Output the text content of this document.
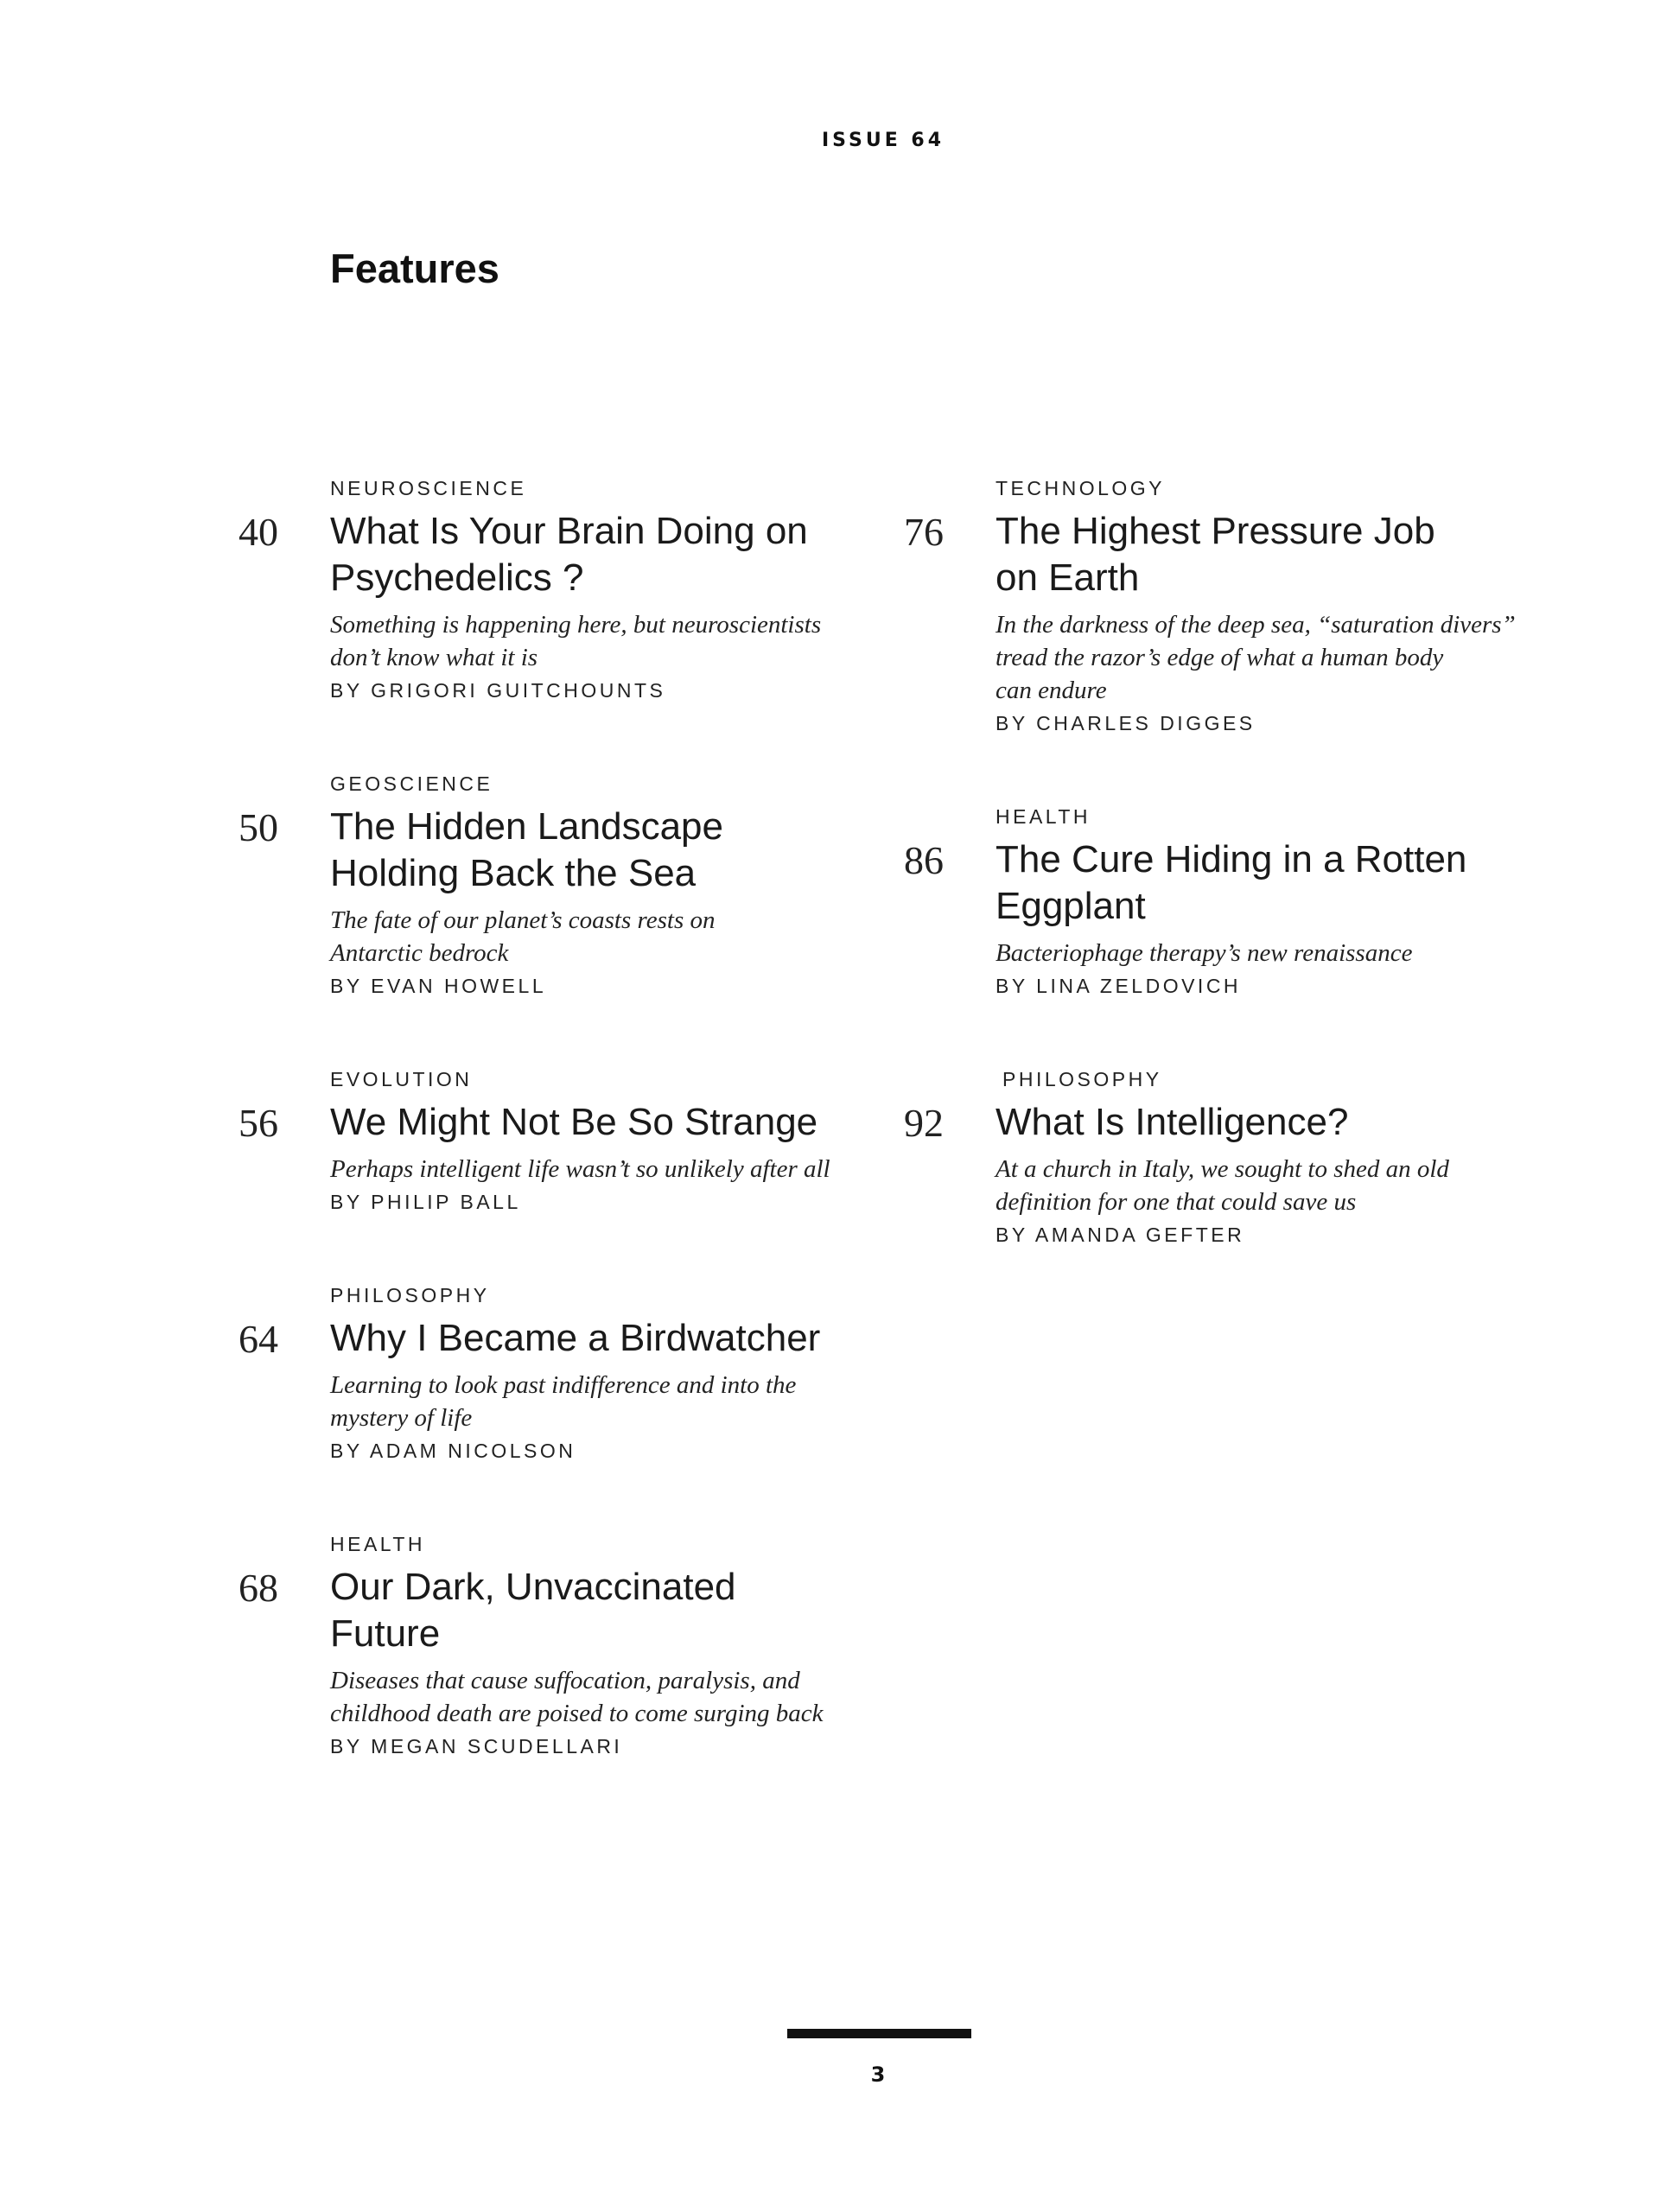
ISSUE 64
Features
NEUROSCIENCE
40 What Is Your Brain Doing on
Psychedelics ?
Something is happening here, but neuroscientists
don’t know what it is
BY GRIGORI GUITCHOUNTS
GEOSCIENCE
50 The Hidden Landscape
Holding Back the Sea
The fate of our planet’s coasts rests on
Antarctic bedrock
BY EVAN HOWELL
EVOLUTION
56 We Might Not Be So Strange
Perhaps intelligent life wasn’t so unlikely after all
BY PHILIP BALL
PHILOSOPHY
64 Why I Became a Birdwatcher
Learning to look past indifference and into the
mystery of life
BY ADAM NICOLSON
HEALTH
68 Our Dark, Unvaccinated
Future
Diseases that cause suffocation, paralysis, and
childhood death are poised to come surging back
BY MEGAN SCUDELLARI
TECHNOLOGY
76 The Highest Pressure Job
on Earth
In the darkness of the deep sea, “saturation divers”
tread the razor’s edge of what a human body
can endure
BY CHARLES DIGGES
HEALTH
86 The Cure Hiding in a Rotten
Eggplant
Bacteriophage therapy’s new renaissance
BY LINA ZELDOVICH
PHILOSOPHY
92 What Is Intelligence?
At a church in Italy, we sought to shed an old
definition for one that could save us
BY AMANDA GEFTER
3
